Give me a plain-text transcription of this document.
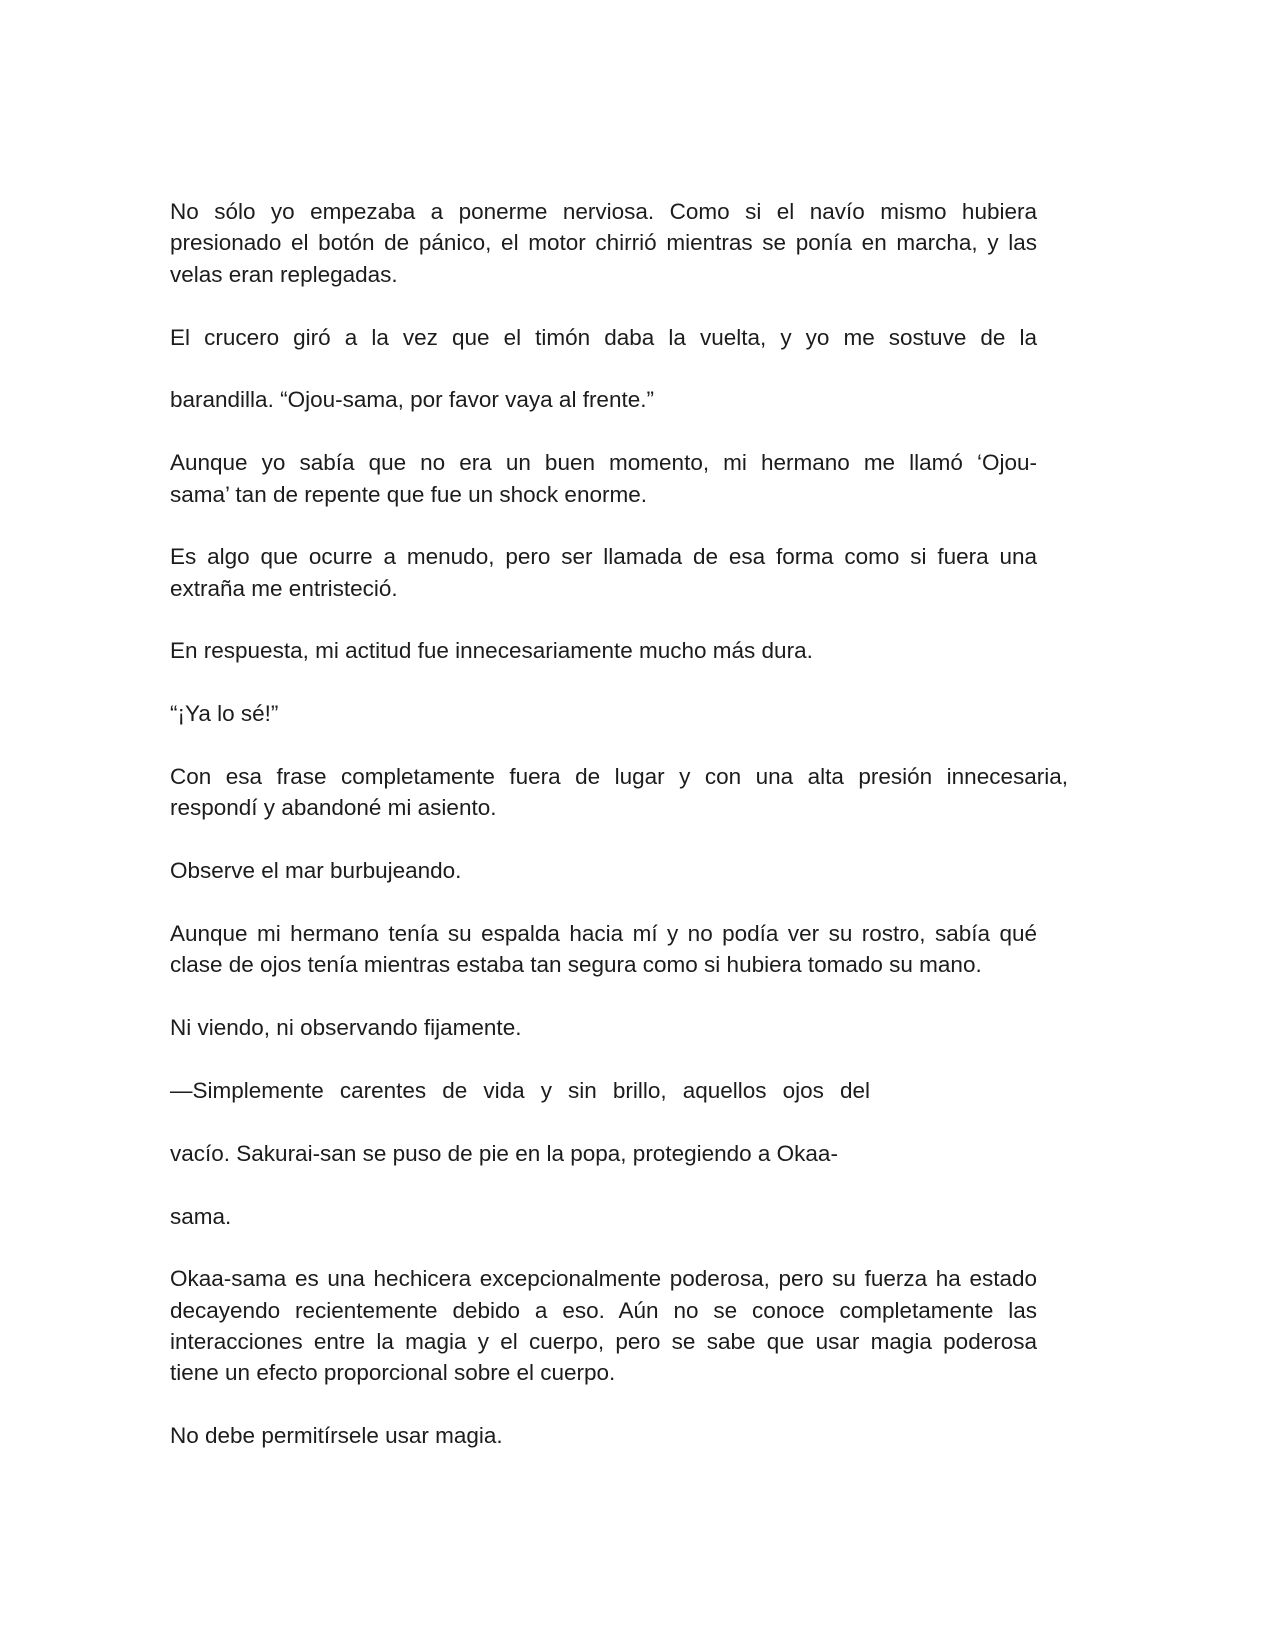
No sólo yo empezaba a ponerme nerviosa. Como si el navío mismo hubiera
presionado el botón de pánico, el motor chirrió mientras se ponía en marcha, y las
velas eran replegadas.
El crucero giró a la vez que el timón daba la vuelta, y yo me sostuve de la
barandilla. “Ojou-sama, por favor vaya al frente.”
Aunque yo sabía que no era un buen momento, mi hermano me llamó ‘Ojou-
sama’ tan de repente que fue un shock enorme.
Es algo que ocurre a menudo, pero ser llamada de esa forma como si fuera una
extraña me entristeció.
En respuesta, mi actitud fue innecesariamente mucho más dura.
“¡Ya lo sé!”
Con esa frase completamente fuera de lugar y con una alta presión innecesaria,
respondí y abandoné mi asiento.
Observe el mar burbujeando.
Aunque mi hermano tenía su espalda hacia mí y no podía ver su rostro, sabía qué
clase de ojos tenía mientras estaba tan segura como si hubiera tomado su mano.
Ni viendo, ni observando fijamente.
—Simplemente carentes de vida y sin brillo, aquellos ojos del
vacío. Sakurai-san se puso de pie en la popa, protegiendo a Okaa-
sama.
Okaa-sama es una hechicera excepcionalmente poderosa, pero su fuerza ha estado
decayendo recientemente debido a eso. Aún no se conoce completamente las
interacciones entre la magia y el cuerpo, pero se sabe que usar magia poderosa
tiene un efecto proporcional sobre el cuerpo.
No debe permitírsele usar magia.
